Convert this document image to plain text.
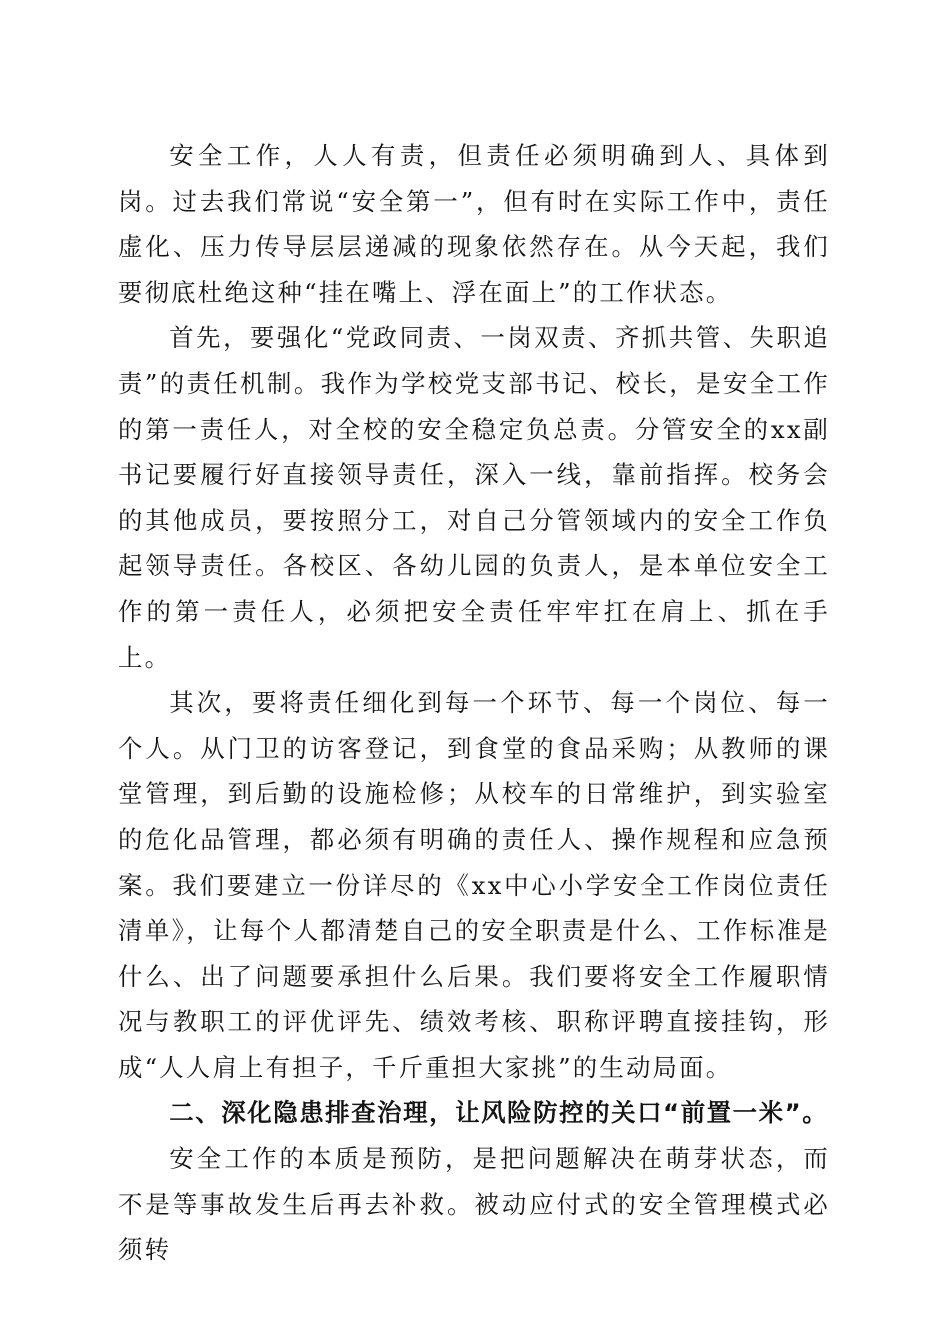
安全工作，人人有责，但责任必须明确到人、具体到岗。过去我们常说“安全第一”，但有时在实际工作中，责任虚化、压力传导层层递减的现象依然存在。从今天起，我们要彻底杜绝这种“挂在嘴上、浮在面上”的工作状态。

首先，要强化“党政同责、一岗双责、齐抓共管、失职追责”的责任机制。我作为学校党支部书记、校长，是安全工作的第一责任人，对全校的安全稳定负总责。分管安全的xx副书记要履行好直接领导责任，深入一线，靠前指挥。校务会的其他成员，要按照分工，对自己分管领域内的安全工作负起领导责任。各校区、各幼儿园的负责人，是本单位安全工作的第一责任人，必须把安全责任牢牢扛在肩上、抓在手上。

其次，要将责任细化到每一个环节、每一个岗位、每一个人。从门卫的访客登记，到食堂的食品采购；从教师的课堂管理，到后勤的设施检修；从校车的日常维护，到实验室的危化品管理，都必须有明确的责任人、操作规程和应急预案。我们要建立一份详尽的《xx中心小学安全工作岗位责任清单》，让每个人都清楚自己的安全职责是什么、工作标准是什么、出了问题要承担什么后果。我们要将安全工作履职情况与教职工的评优评先、绩效考核、职称评聘直接挂钩，形成“人人肩上有担子，千斤重担大家挑”的生动局面。

二、深化隐患排查治理，让风险防控的关口“前置一米”。

安全工作的本质是预防，是把问题解决在萌芽状态，而不是等事故发生后再去补救。被动应付式的安全管理模式必须转
